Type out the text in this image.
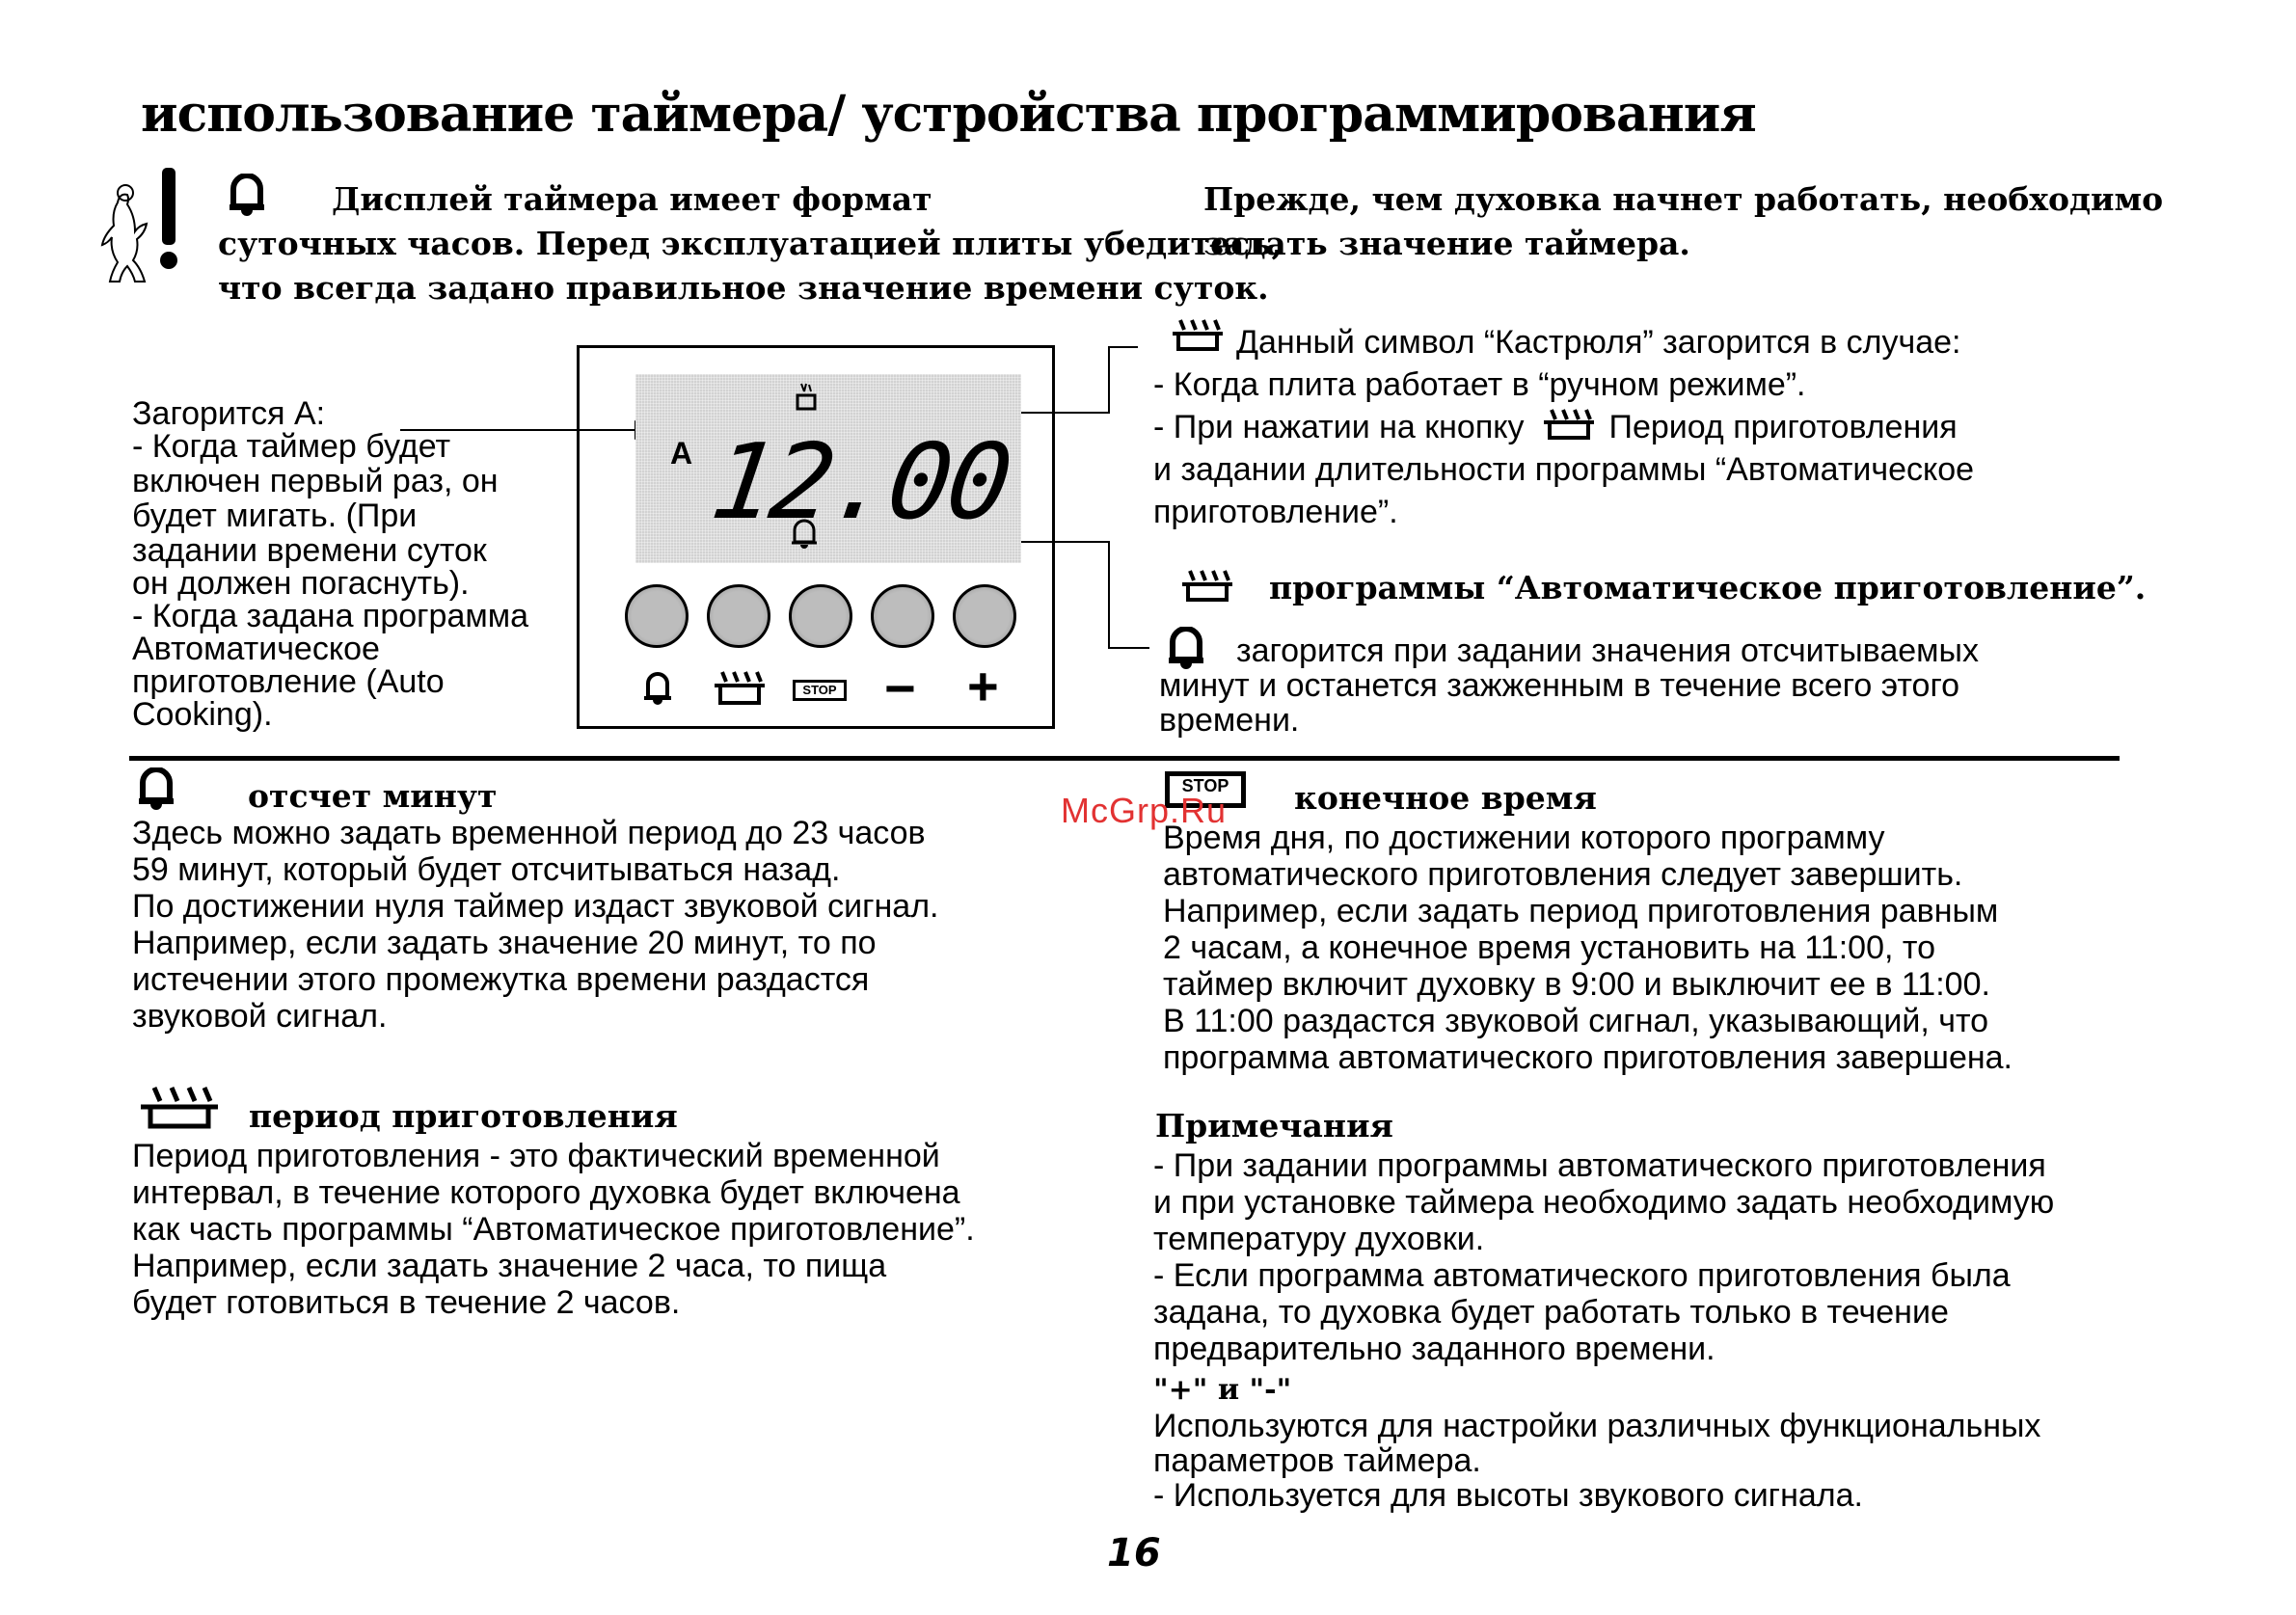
использование таймера/ устройства программирования
Дисплей таймера имеет формат
суточных часов. Перед эксплуатацией плиты убедитесь,
что всегда задано правильное значение времени суток.
Прежде, чем духовка начнет работать, необходимо
задать значение таймера.
Загорится A:
- Когда таймер будет
включен первый раз, он
будет мигать. (При
задании времени суток
он должен погаснуть).
- Когда задана программа
Автоматическое
приготовление (Auto
Cooking).
A 12.00
STOP − +
Данный символ “Кастрюля” загорится в случае:
- Когда плита работает в “ручном режиме”.
- При нажатии на кнопку	Период приготовления
и задании длительности программы “Автоматическое
приготовление”.
программы “Автоматическое приготовление”.
загорится при задании значения отсчитываемых
минут и останется зажженным в течение всего этого
времени.
отсчет минут
Здесь можно задать временной период до 23 часов
59 минут, который будет отсчитываться назад.
По достижении нуля таймер издаст звуковой сигнал.
Например, если задать значение 20 минут, то по
истечении этого промежутка времени раздастся
звуковой сигнал.
период приготовления
Период приготовления - это фактический временной
интервал, в течение которого духовка будет включена
как часть программы “Автоматическое приготовление”.
Например, если задать значение 2 часа, то пища
будет готовиться в течение 2 часов.
STOP	конечное время
McGrp.Ru
Время дня, по достижении которого программу
автоматического приготовления следует завершить.
Например, если задать период приготовления равным
2 часам, а конечное время установить на 11:00, то
таймер включит духовку в 9:00 и выключит ее в 11:00.
В 11:00 раздастся звуковой сигнал, указывающий, что
программа автоматического приготовления завершена.
Примечания
- При задании программы автоматического приготовления
и при установке таймера необходимо задать необходимую
температуру духовки.
- Если программа автоматического приготовления была
задана, то духовка будет работать только в течение
предварительно заданного времени.
"+" и "-"
Используются для настройки различных функциональных
параметров таймера.
- Используется для высоты звукового сигнала.
16
